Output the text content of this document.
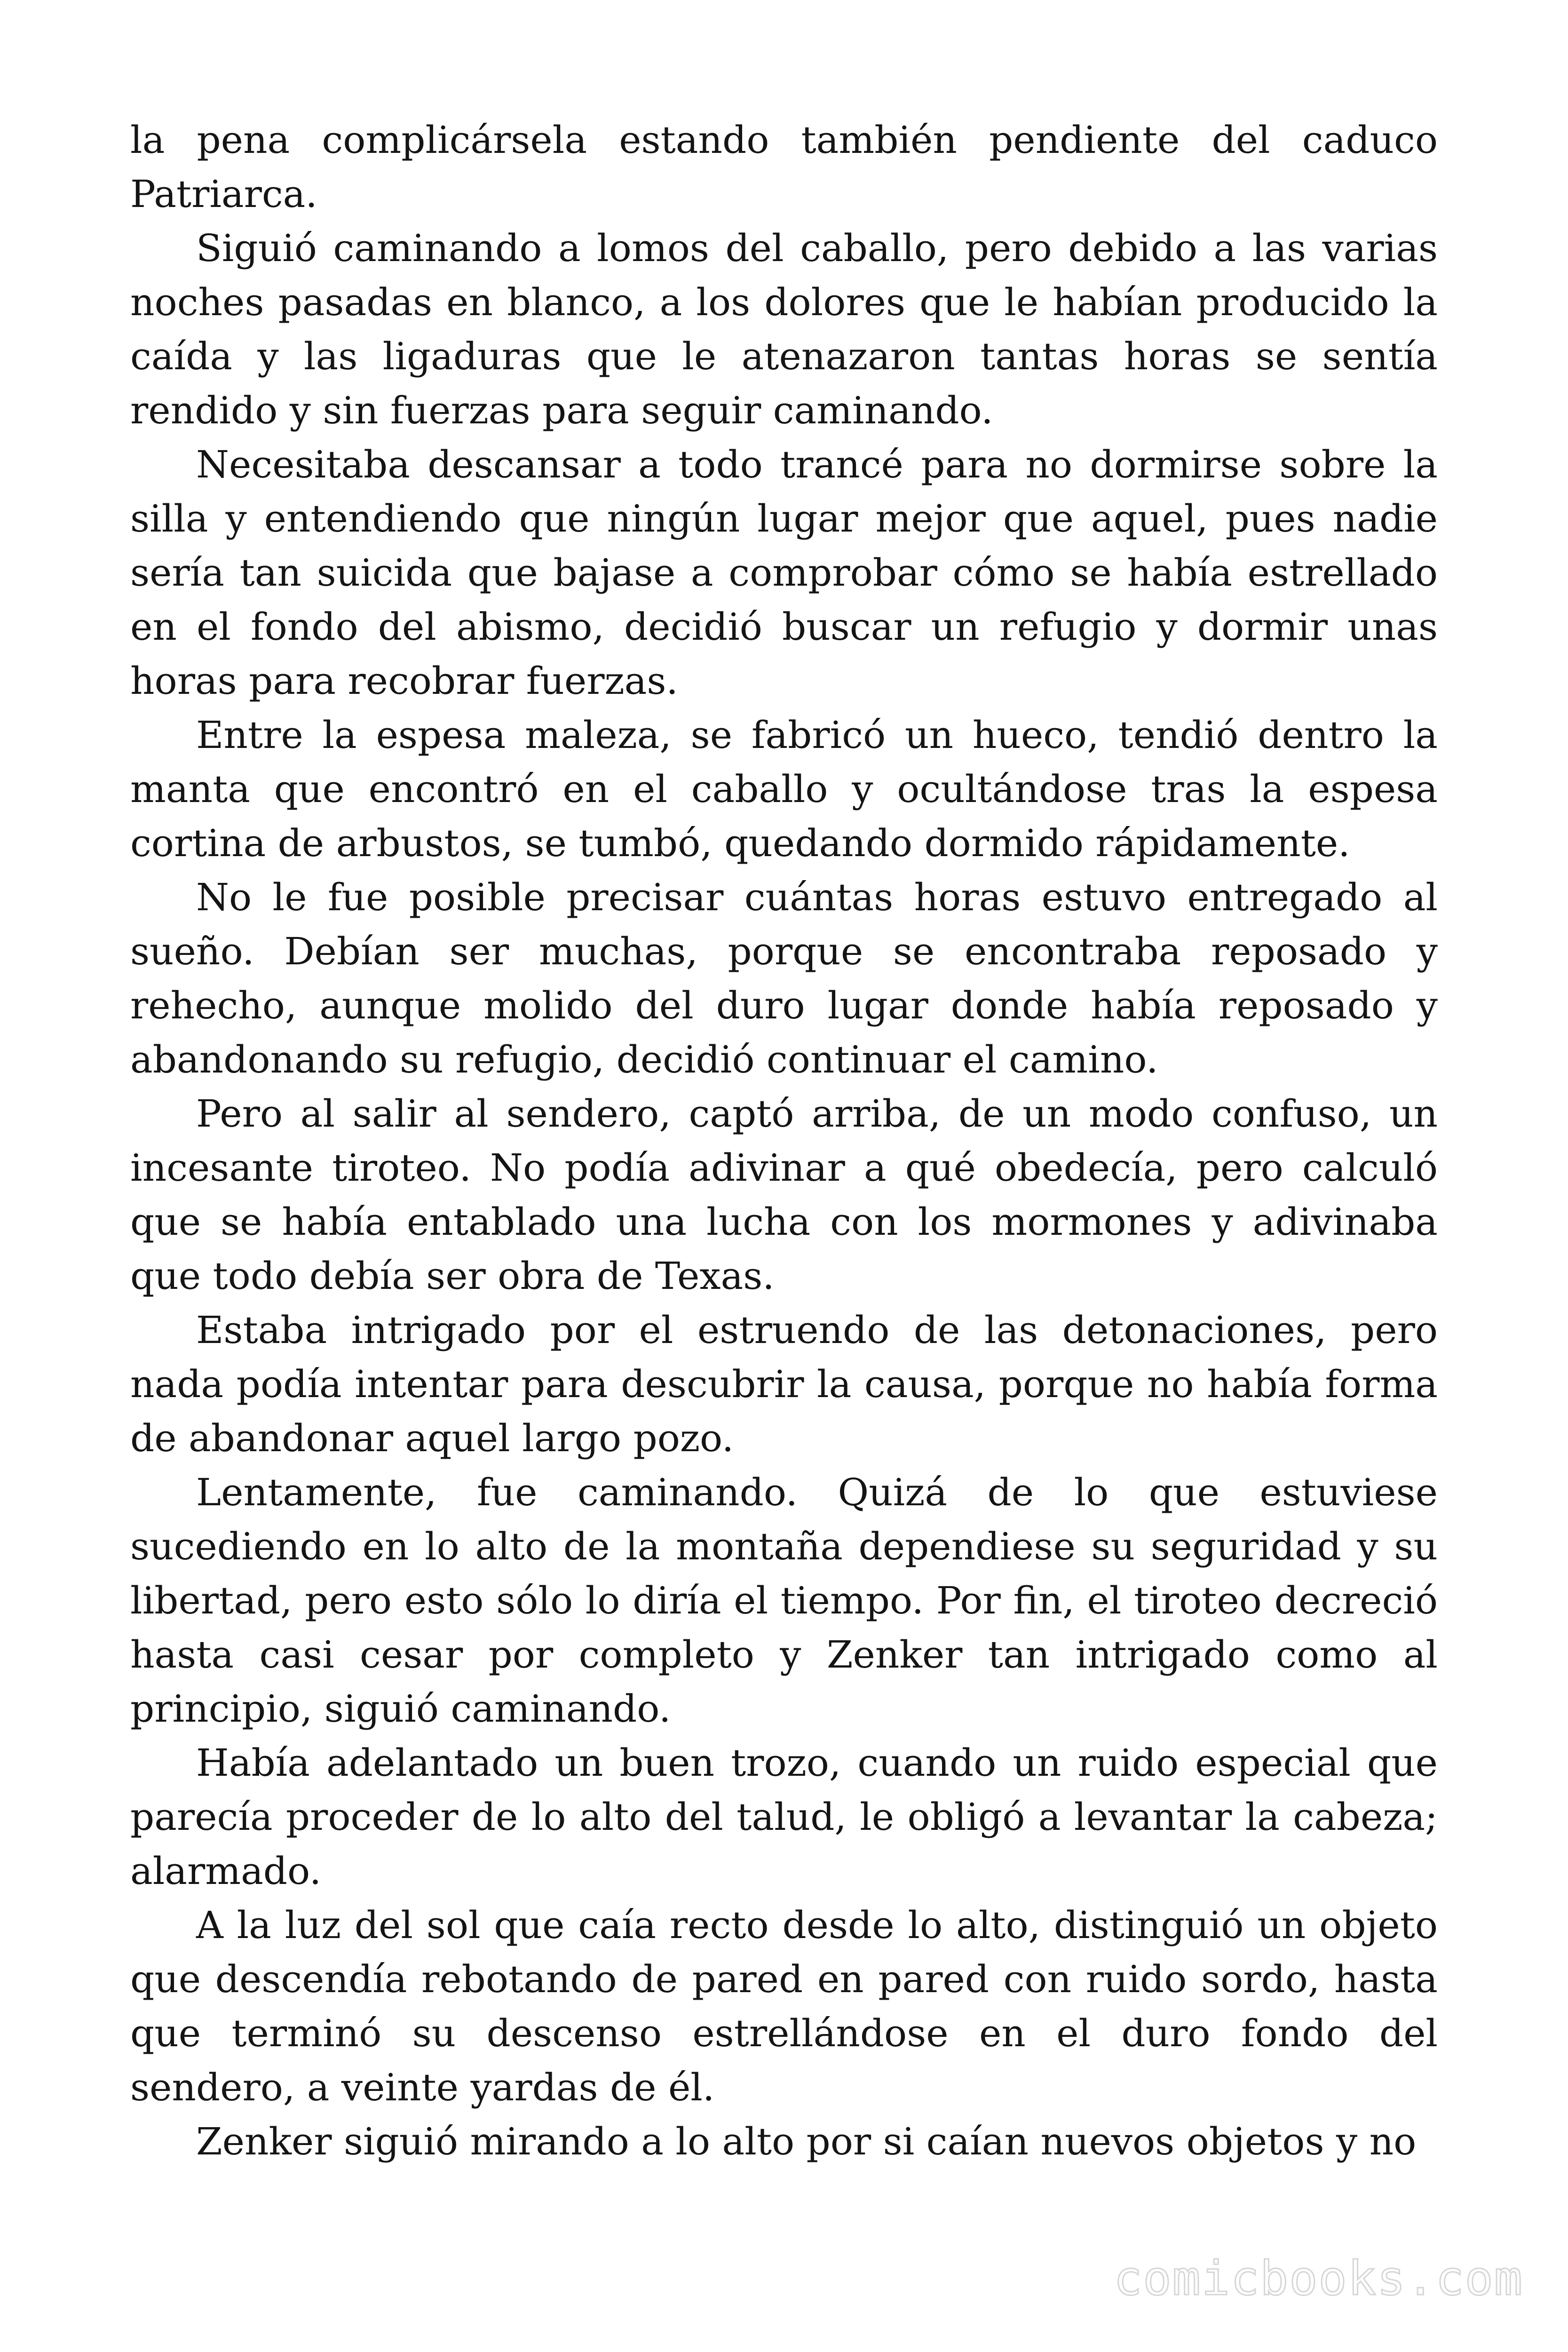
la pena complicársela estando también pendiente del caduco Patriarca.

Siguió caminando a lomos del caballo, pero debido a las varias noches pasadas en blanco, a los dolores que le habían producido la caída y las ligaduras que le atenazaron tantas horas se sentía rendido y sin fuerzas para seguir caminando.

Necesitaba descansar a todo trancé para no dormirse sobre la silla y entendiendo que ningún lugar mejor que aquel, pues nadie sería tan suicida que bajase a comprobar cómo se había estrellado en el fondo del abismo, decidió buscar un refugio y dormir unas horas para recobrar fuerzas.

Entre la espesa maleza, se fabricó un hueco, tendió dentro la manta que encontró en el caballo y ocultándose tras la espesa cortina de arbustos, se tumbó, quedando dormido rápidamente.

No le fue posible precisar cuántas horas estuvo entregado al sueño. Debían ser muchas, porque se encontraba reposado y rehecho, aunque molido del duro lugar donde había reposado y abandonando su refugio, decidió continuar el camino.

Pero al salir al sendero, captó arriba, de un modo confuso, un incesante tiroteo. No podía adivinar a qué obedecía, pero calculó que se había entablado una lucha con los mormones y adivinaba que todo debía ser obra de Texas.

Estaba intrigado por el estruendo de las detonaciones, pero nada podía intentar para descubrir la causa, porque no había forma de abandonar aquel largo pozo.

Lentamente, fue caminando. Quizá de lo que estuviese sucediendo en lo alto de la montaña dependiese su seguridad y su libertad, pero esto sólo lo diría el tiempo. Por fin, el tiroteo decreció hasta casi cesar por completo y Zenker tan intrigado como al principio, siguió caminando.

Había adelantado un buen trozo, cuando un ruido especial que parecía proceder de lo alto del talud, le obligó a levantar la cabeza; alarmado.

A la luz del sol que caía recto desde lo alto, distinguió un objeto que descendía rebotando de pared en pared con ruido sordo, hasta que terminó su descenso estrellándose en el duro fondo del sendero, a veinte yardas de él.

Zenker siguió mirando a lo alto por si caían nuevos objetos y no

comicbooks.com
